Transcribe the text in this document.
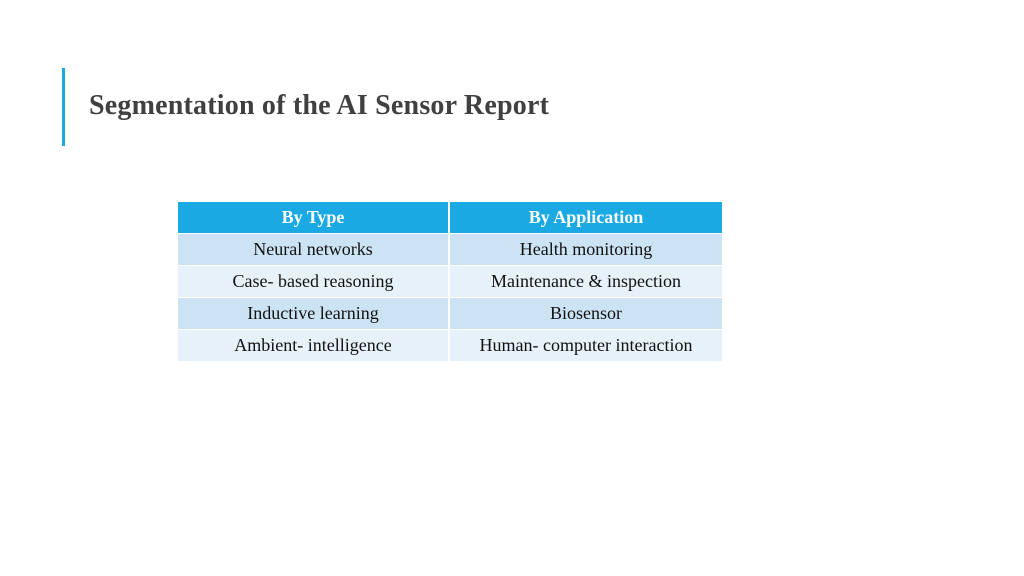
Segmentation of the AI Sensor Report
By Type	By Application
Neural networks	Health monitoring
Case- based reasoning	Maintenance & inspection
Inductive learning	Biosensor
Ambient- intelligence	Human- computer interaction
